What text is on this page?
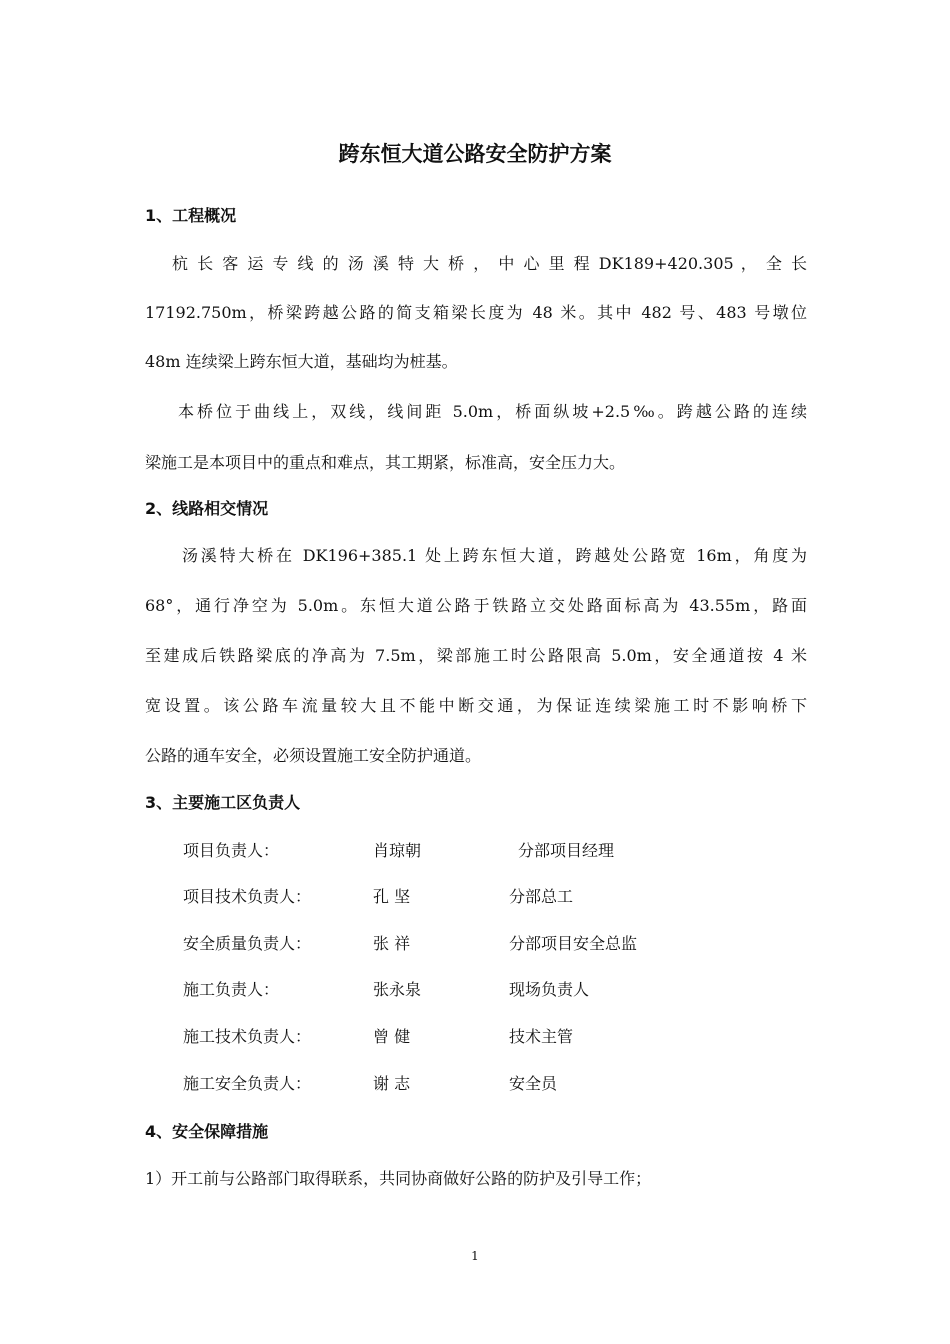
跨东恒大道公路安全防护方案
1、工程概况
杭 长 客 运 专 线 的 汤 溪 特 大 桥 ， 中 心 里 程 DK189+420.305 ， 全 长
17192.750m，桥梁跨越公路的简支箱梁长度为 48 米。其中 482 号、483 号墩位
48m 连续梁上跨东恒大道，基础均为桩基。
本桥位于曲线上，双线，线间距 5.0m，桥面纵坡+2.5‰。跨越公路的连续
梁施工是本项目中的重点和难点，其工期紧，标准高，安全压力大。
2、线路相交情况
汤溪特大桥在 DK196+385.1 处上跨东恒大道，跨越处公路宽 16m，角度为
68°，通行净空为 5.0m。东恒大道公路于铁路立交处路面标高为 43.55m，路面
至建成后铁路梁底的净高为 7.5m，梁部施工时公路限高 5.0m，安全通道按 4 米
宽设置。该公路车流量较大且不能中断交通，为保证连续梁施工时不影响桥下
公路的通车安全，必须设置施工安全防护通道。
3、主要施工区负责人
项目负责人：	肖琼朝	分部项目经理
项目技术负责人：	孔 坚	分部总工
安全质量负责人：	张 祥	分部项目安全总监
施工负责人：	张永泉	现场负责人
施工技术负责人：	曾 健	技术主管
施工安全负责人：	谢 志	安全员
4、安全保障措施
1）开工前与公路部门取得联系，共同协商做好公路的防护及引导工作；
1
